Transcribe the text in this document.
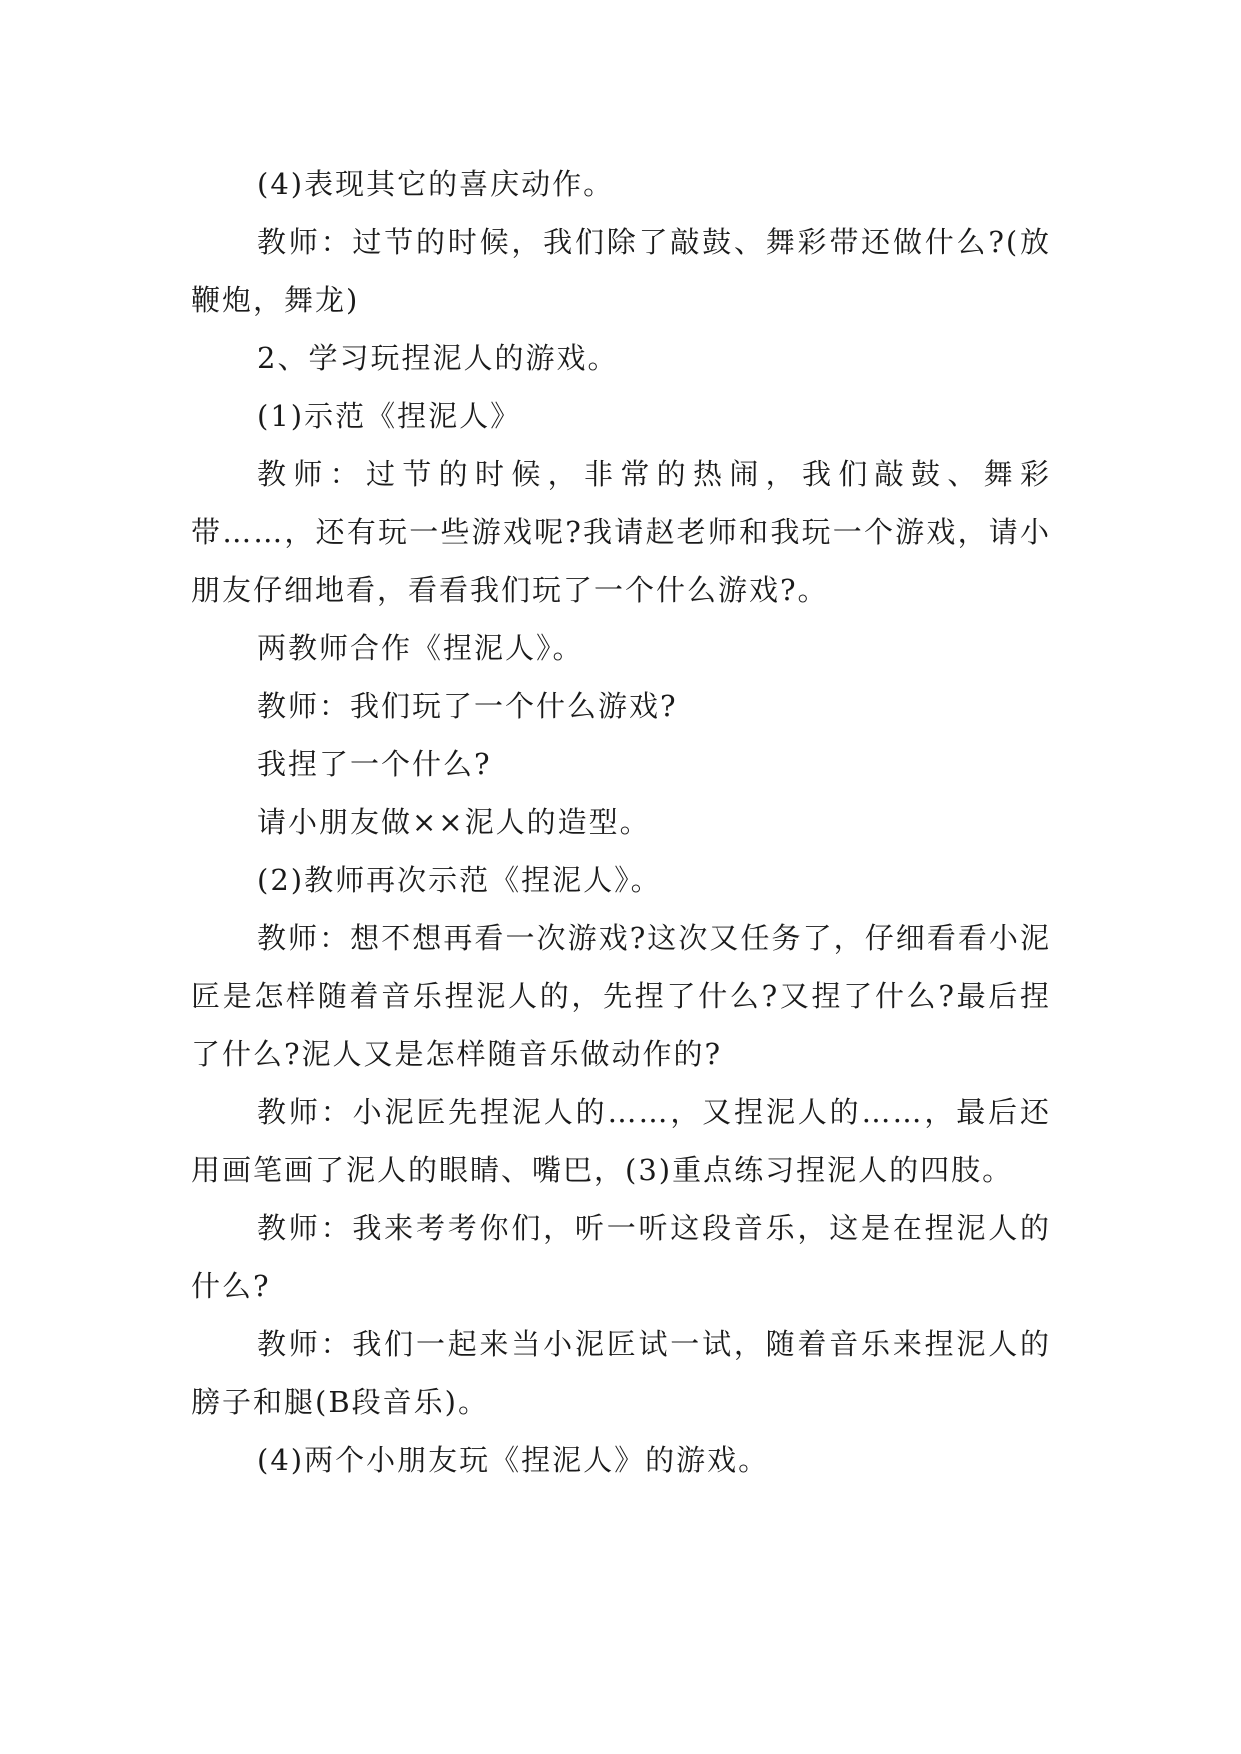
(4)表现其它的喜庆动作。

教师：过节的时候，我们除了敲鼓、舞彩带还做什么?(放鞭炮，舞龙)

2、学习玩捏泥人的游戏。

(1)示范《捏泥人》

教师：过节的时候，非常的热闹，我们敲鼓、舞彩带……，还有玩一些游戏呢?我请赵老师和我玩一个游戏，请小朋友仔细地看，看看我们玩了一个什么游戏?。

两教师合作《捏泥人》。

教师：我们玩了一个什么游戏?

我捏了一个什么?

请小朋友做××泥人的造型。

(2)教师再次示范《捏泥人》。

教师：想不想再看一次游戏?这次又任务了，仔细看看小泥匠是怎样随着音乐捏泥人的，先捏了什么?又捏了什么?最后捏了什么?泥人又是怎样随音乐做动作的?

教师：小泥匠先捏泥人的……，又捏泥人的……，最后还用画笔画了泥人的眼睛、嘴巴，(3)重点练习捏泥人的四肢。

教师：我来考考你们，听一听这段音乐，这是在捏泥人的什么?

教师：我们一起来当小泥匠试一试，随着音乐来捏泥人的膀子和腿(B段音乐)。

(4)两个小朋友玩《捏泥人》的游戏。
